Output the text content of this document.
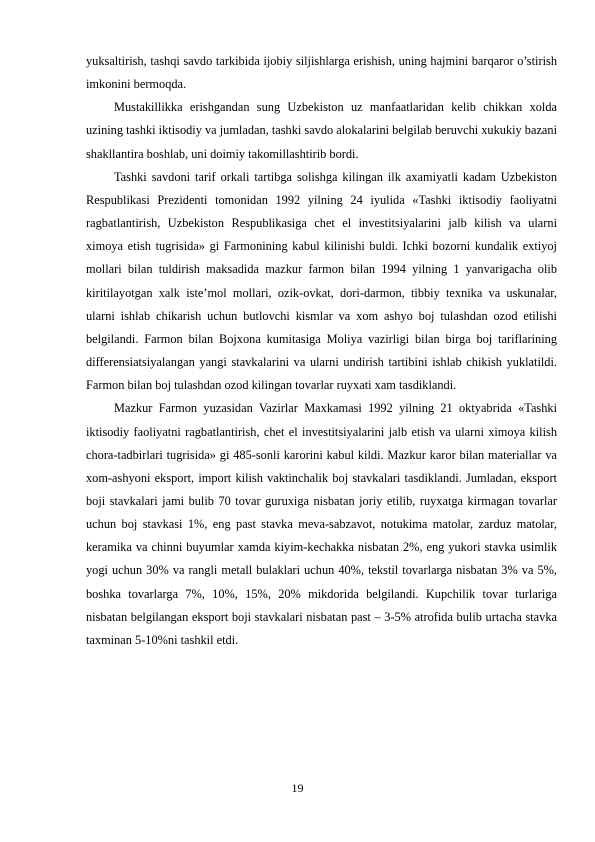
yuksaltirish, tashqi savdo tarkibida ijobiy siljishlarga erishish, uning hajmini barqaror o’stirish imkonini bermoqda.

Mustakillikka erishgandan sung Uzbekiston uz manfaatlaridan kelib chikkan xolda uzining tashki iktisodiy va jumladan, tashki savdo alokalarini belgilab beruvchi xukukiy bazani shakllantira boshlab, uni doimiy takomillashtirib bordi.

Tashki savdoni tarif orkali tartibga solishga kilingan ilk axamiyatli kadam Uzbekiston Respublikasi Prezidenti tomonidan 1992 yilning 24 iyulida «Tashki iktisodiy faoliyatni ragbatlantirish, Uzbekiston Respublikasiga chet el investitsiyalarini jalb kilish va ularni ximoya etish tugrisida» gi Farmonining kabul kilinishi buldi. Ichki bozorni kundalik extiyoj mollari bilan tuldirish maksadida mazkur farmon bilan 1994 yilning 1 yanvarigacha olib kiritilayotgan xalk iste’mol mollari, ozik-ovkat, dori-darmon, tibbiy texnika va uskunalar, ularni ishlab chikarish uchun butlovchi kismlar va xom ashyo boj tulashdan ozod etilishi belgilandi. Farmon bilan Bojxona kumitasiga Moliya vazirligi bilan birga boj tariflarining differensiatsiyalangan yangi stavkalarini va ularni undirish tartibini ishlab chikish yuklatildi. Farmon bilan boj tulashdan ozod kilingan tovarlar ruyxati xam tasdiklandi.

Mazkur Farmon yuzasidan Vazirlar Maxkamasi 1992 yilning 21 oktyabrida «Tashki iktisodiy faoliyatni ragbatlantirish, chet el investitsiyalarini jalb etish va ularni ximoya kilish chora-tadbirlari tugrisida» gi 485-sonli karorini kabul kildi. Mazkur karor bilan materiallar va xom-ashyoni eksport, import kilish vaktinchalik boj stavkalari tasdiklandi. Jumladan, eksport boji stavkalari jami bulib 70 tovar guruxiga nisbatan joriy etilib, ruyxatga kirmagan tovarlar uchun boj stavkasi 1%, eng past stavka meva-sabzavot, notukima matolar, zarduz matolar, keramika va chinni buyumlar xamda kiyim-kechakka nisbatan 2%, eng yukori stavka usimlik yogi uchun 30% va rangli metall bulaklari uchun 40%, tekstil tovarlarga nisbatan 3% va 5%, boshka tovarlarga 7%, 10%, 15%, 20% mikdorida belgilandi. Kupchilik tovar turlariga nisbatan belgilangan eksport boji stavkalari nisbatan past – 3-5% atrofida bulib urtacha stavka taxminan 5-10%ni tashkil etdi.

19
